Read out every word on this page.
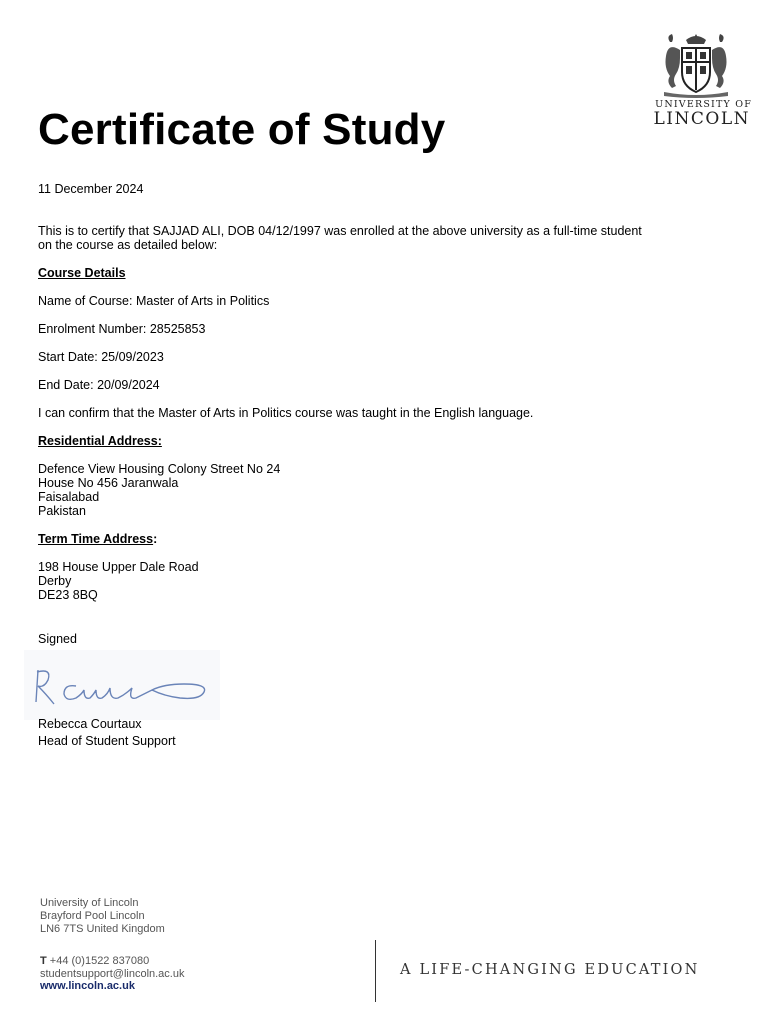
UNIVERSITY OF
LINCOLN
Certificate of Study
11 December 2024
This is to certify that SAJJAD ALI, DOB 04/12/1997 was enrolled at the above university as a full-time student
on the course as detailed below:
Course Details
Name of Course: Master of Arts in Politics
Enrolment Number: 28525853
Start Date: 25/09/2023
End Date: 20/09/2024
I can confirm that the Master of Arts in Politics course was taught in the English language.
Residential Address:
Defence View Housing Colony Street No 24
House No 456 Jaranwala
Faisalabad
Pakistan
Term Time Address:
198 House Upper Dale Road
Derby
DE23 8BQ
Signed
Rebecca Courtaux
Head of Student Support
University of Lincoln
Brayford Pool Lincoln
LN6 7TS United Kingdom
T +44 (0)1522 837080
studentsupport@lincoln.ac.uk
www.lincoln.ac.uk
A LIFE-CHANGING EDUCATION
